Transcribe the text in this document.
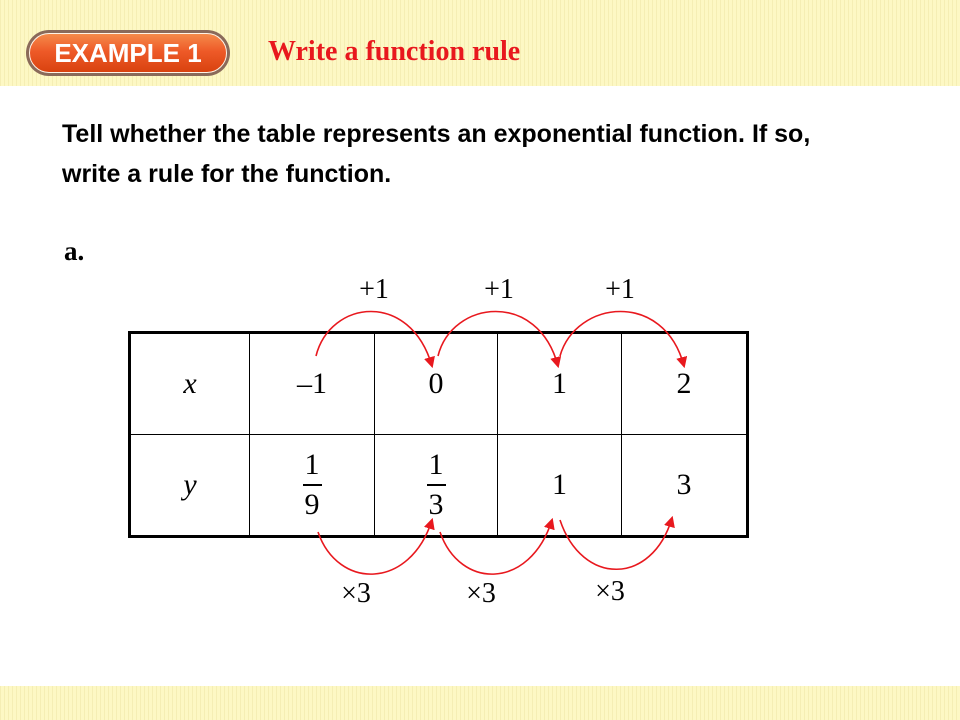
EXAMPLE 1	Write a function rule
Tell whether the table represents an exponential function. If so, write a rule for the function.
a.
+1	+1	+1
x	–1	0	1	2
y	$\frac{1}{9}$	$\frac{1}{3}$	1	3
×3	×3	×3
